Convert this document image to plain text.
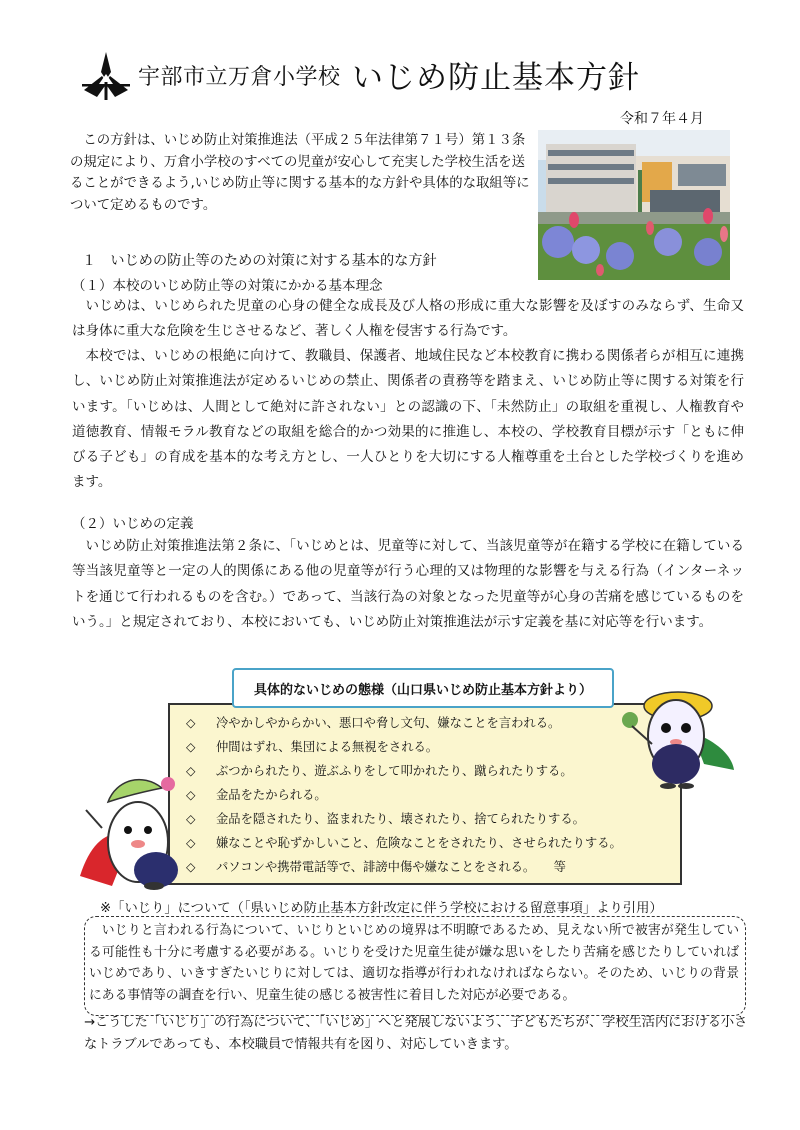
宇部市立万倉小学校 いじめ防止基本方針
令和７年４月

この方針は、いじめ防止対策推進法（平成２５年法律第７１号）第１３条の規定により、万倉小学校のすべての児童が安心して充実した学校生活を送ることができるよう,いじめ防止等に関する基本的な方針や具体的な取組等について定めるものです。

１　いじめの防止等のための対策に対する基本的な方針
（１）本校のいじめ防止等の対策にかかる基本理念

いじめは、いじめられた児童の心身の健全な成長及び人格の形成に重大な影響を及ぼすのみならず、生命又は身体に重大な危険を生じさせるなど、著しく人権を侵害する行為です。

本校では、いじめの根絶に向けて、教職員、保護者、地域住民など本校教育に携わる関係者らが相互に連携し、いじめ防止対策推進法が定めるいじめの禁止、関係者の責務等を踏まえ、いじめ防止等に関する対策を行います。「いじめは、人間として絶対に許されない」との認識の下、「未然防止」の取組を重視し、人権教育や道徳教育、情報モラル教育などの取組を総合的かつ効果的に推進し、本校の、学校教育目標が示す「ともに伸びる子ども」の育成を基本的な考え方とし、一人ひとりを大切にする人権尊重を土台とした学校づくりを進めます。

（２）いじめの定義

いじめ防止対策推進法第２条に、「いじめとは、児童等に対して、当該児童等が在籍する学校に在籍している等当該児童等と一定の人的関係にある他の児童等が行う心理的又は物理的な影響を与える行為（インターネットを通じて行われるものを含む。）であって、当該行為の対象となった児童等が心身の苦痛を感じているものをいう。」と規定されており、本校においても、いじめ防止対策推進法が示す定義を基に対応等を行います。

具体的ないじめの態様（山口県いじめ防止基本方針より）
◇ 冷やかしやからかい、悪口や脅し文句、嫌なことを言われる。
◇ 仲間はずれ、集団による無視をされる。
◇ ぶつかられたり、遊ぶふりをして叩かれたり、蹴られたりする。
◇ 金品をたかられる。
◇ 金品を隠されたり、盗まれたり、壊されたり、捨てられたりする。
◇ 嫌なことや恥ずかしいこと、危険なことをされたり、させられたりする。
◇ パソコンや携帯電話等で、誹謗中傷や嫌なことをされる。　　等
※「いじり」について（「県いじめ防止基本方針改定に伴う学校における留意事項」より引用）

いじりと言われる行為について、いじりといじめの境界は不明瞭であるため、見えない所で被害が発生している可能性も十分に考慮する必要がある。いじりを受けた児童生徒が嫌な思いをしたり苦痛を感じたりしていればいじめであり、いきすぎたいじりに対しては、適切な指導が行われなければならない。そのため、いじりの背景にある事情等の調査を行い、児童生徒の感じる被害性に着目した対応が必要である。

→こうした「いじり」の行為について、「いじめ」へと発展しないよう、子どもたちが、学校生活内における小さなトラブルであっても、本校職員で情報共有を図り、対応していきます。
